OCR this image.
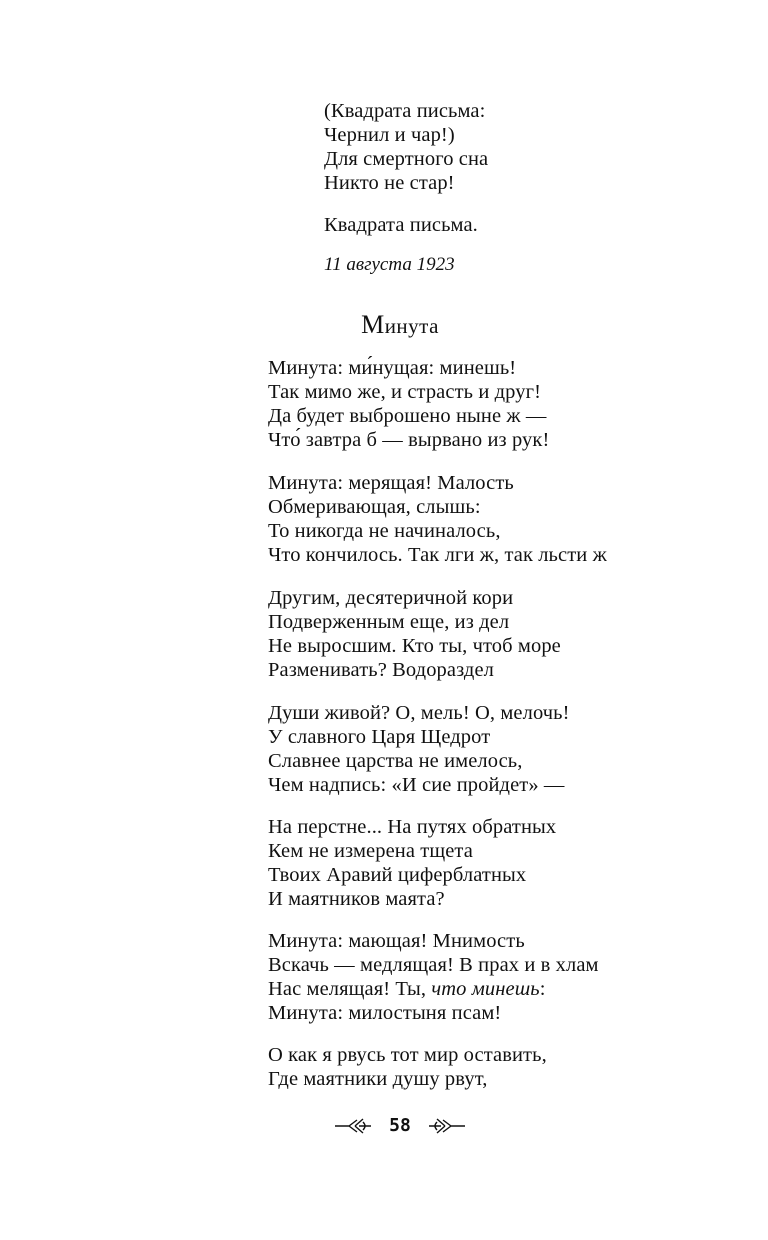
(Квадрата письма:
Чернил и чар!)
Для смертного сна
Никто не стар!
Квадрата письма.
11 августа 1923
Минута
Минута: ми́нущая: минешь!
Так мимо же, и страсть и друг!
Да будет выброшено ныне ж —
Что́ завтра б — вырвано из рук!
Минута: мерящая! Малость
Обмеривающая, слышь:
То никогда не начиналось,
Что кончилось. Так лги ж, так льсти ж
Другим, десятеричной кори
Подверженным еще, из дел
Не выросшим. Кто ты, чтоб море
Разменивать? Водораздел
Души живой? О, мель! О, мелочь!
У славного Царя Щедрот
Славнее царства не имелось,
Чем надпись: «И сие пройдет» —
На перстне... На путях обратных
Кем не измерена тщета
Твоих Аравий циферблатных
И маятников маята?
Минута: мающая! Мнимость
Вскачь — медлящая! В прах и в хлам
Нас мелящая! Ты, что минешь:
Минута: милостыня псам!
О как я рвусь тот мир оставить,
Где маятники душу рвут,
58
